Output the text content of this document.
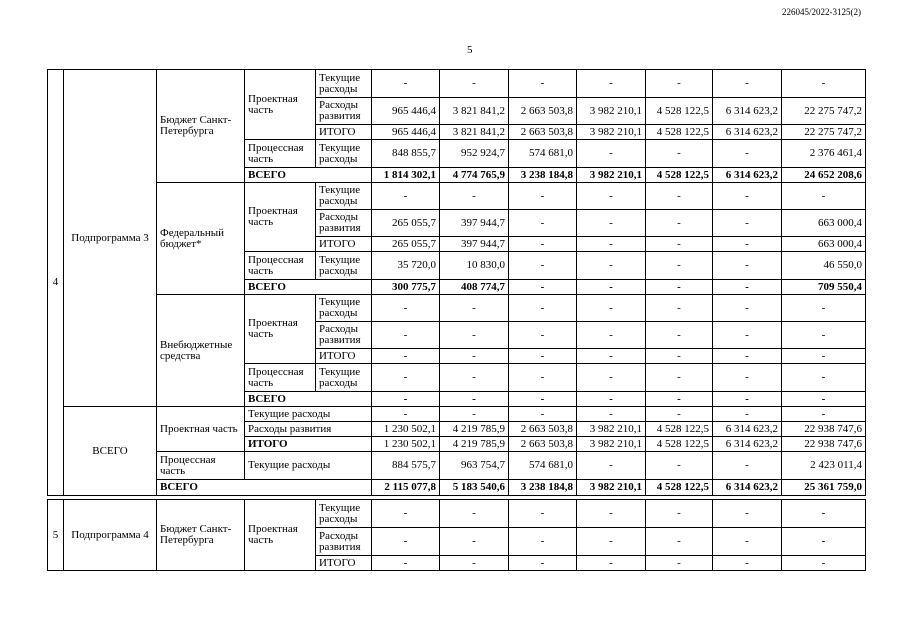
226045/2022-3125(2)
5
4	Подпрограмма 3	Бюджет Санкт-Петербурга	Проектная часть	Текущие расходы	-	-	-	-	-	-	-
				Расходы развития	965 446,4	3 821 841,2	2 663 503,8	3 982 210,1	4 528 122,5	6 314 623,2	22 275 747,2
				ИТОГО	965 446,4	3 821 841,2	2 663 503,8	3 982 210,1	4 528 122,5	6 314 623,2	22 275 747,2
			Процессная часть	Текущие расходы	848 855,7	952 924,7	574 681,0	-	-	-	2 376 461,4
			ВСЕГО		1 814 302,1	4 774 765,9	3 238 184,8	3 982 210,1	4 528 122,5	6 314 623,2	24 652 208,6
		Федеральный бюджет*	Проектная часть	Текущие расходы	-	-	-	-	-	-	-
				Расходы развития	265 055,7	397 944,7	-	-	-	-	663 000,4
				ИТОГО	265 055,7	397 944,7	-	-	-	-	663 000,4
			Процессная часть	Текущие расходы	35 720,0	10 830,0	-	-	-	-	46 550,0
			ВСЕГО		300 775,7	408 774,7	-	-	-	-	709 550,4
		Внебюджетные средства	Проектная часть	Текущие расходы	-	-	-	-	-	-	-
				Расходы развития	-	-	-	-	-	-	-
				ИТОГО	-	-	-	-	-	-	-
			Процессная часть	Текущие расходы	-	-	-	-	-	-	-
			ВСЕГО		-	-	-	-	-	-	-
	ВСЕГО	Проектная часть	Текущие расходы		-	-	-	-	-	-	-
			Расходы развития		1 230 502,1	4 219 785,9	2 663 503,8	3 982 210,1	4 528 122,5	6 314 623,2	22 938 747,6
			ИТОГО		1 230 502,1	4 219 785,9	2 663 503,8	3 982 210,1	4 528 122,5	6 314 623,2	22 938 747,6
		Процессная часть	Текущие расходы		884 575,7	963 754,7	574 681,0	-	-	-	2 423 011,4
		ВСЕГО			2 115 077,8	5 183 540,6	3 238 184,8	3 982 210,1	4 528 122,5	6 314 623,2	25 361 759,0

5	Подпрограмма 4	Бюджет Санкт-Петербурга	Проектная часть	Текущие расходы	-	-	-	-	-	-	-
				Расходы развития	-	-	-	-	-	-	-
				ИТОГО	-	-	-	-	-	-	-
